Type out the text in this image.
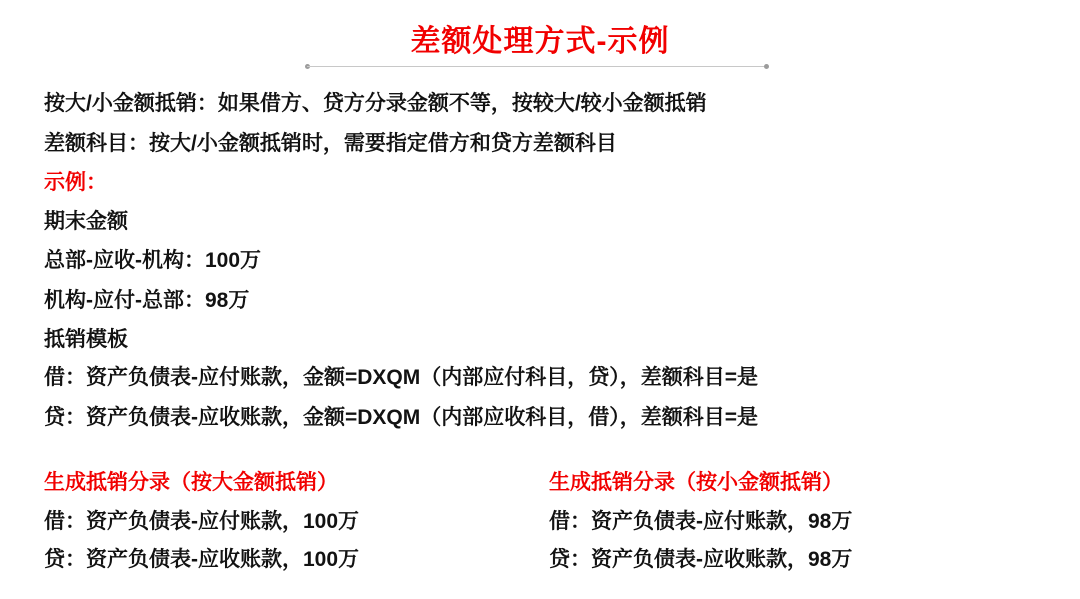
差额处理方式-示例
按大/小金额抵销：如果借方、贷方分录金额不等，按较大/较小金额抵销
差额科目：按大/小金额抵销时，需要指定借方和贷方差额科目
示例：
期末金额
总部-应收-机构：100万
机构-应付-总部：98万
抵销模板
借：资产负债表-应付账款，金额=DXQM（内部应付科目，贷），差额科目=是
贷：资产负债表-应收账款，金额=DXQM（内部应收科目，借），差额科目=是
生成抵销分录（按大金额抵销）
借：资产负债表-应付账款，100万
贷：资产负债表-应收账款，100万
生成抵销分录（按小金额抵销）
借：资产负债表-应付账款，98万
贷：资产负债表-应收账款，98万
